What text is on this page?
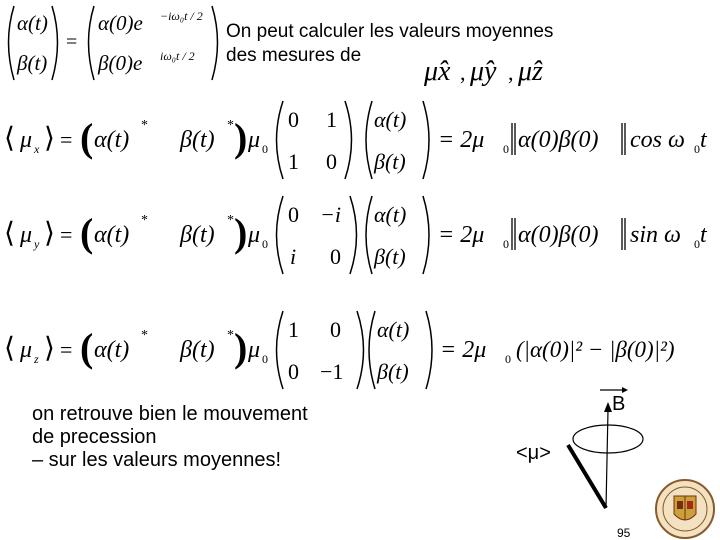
α(t)
β(t)
=
α(0)e −iω₀t / 2
β(0)e iω₀t / 2
On peut calculer les valeurs moyennes
des mesures de
μ̂x μ̂y μ̂z
, ,
⟨ μ x ⟩ = ( α(t)
*
β(t)
* ) μ 0
0 1
1 0
α(t)
β(t)
= 2μ 0 α(0)β(0) cos ω 0 t
⟨ μ y ⟩ = ( α(t)
*
β(t)
* ) μ 0
0 −i
i 0
α(t)
β(t)
= 2μ 0 α(0)β(0) sin ω 0 t
⟨ μ z ⟩ = ( α(t)
*
β(t)
* ) μ 0
1 0
0 −1
α(t)
β(t)
= 2μ 0 (|α(0)|² − |β(0)|²)
on retrouve bien le mouvement
de precession
– sur les valeurs moyennes!
B
<μ>
95
